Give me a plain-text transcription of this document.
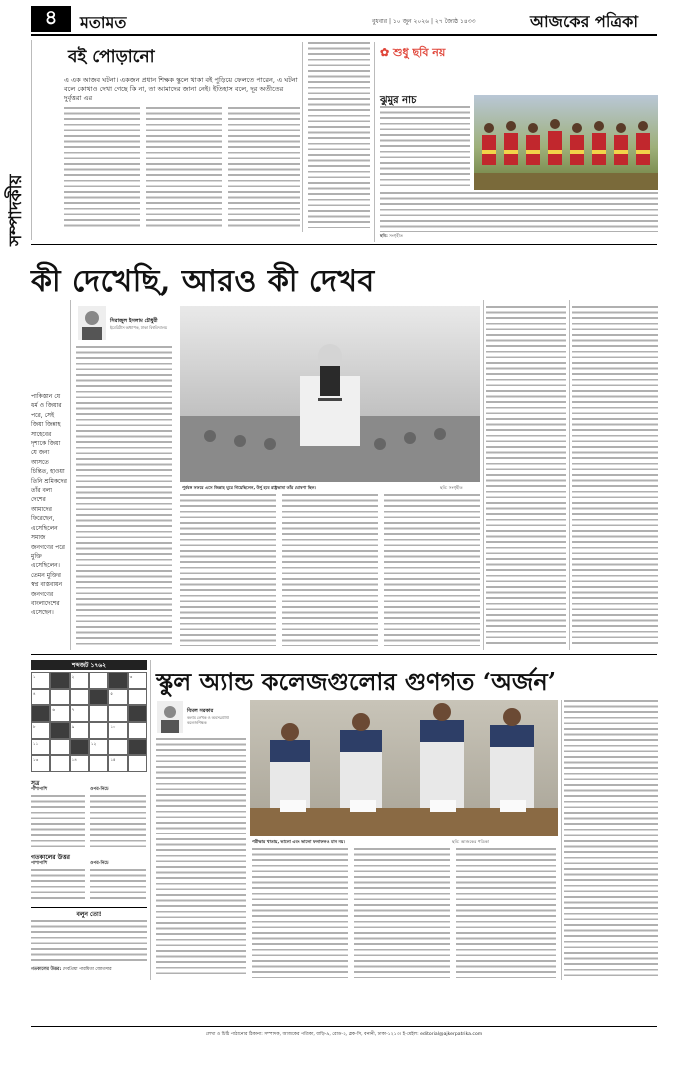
৪	মতামত	বুধবার | ১০ জুন ২০২৬ | ২৭ জ্যৈষ্ঠ ১৪৩৩	আজকের পত্রিকা
সম্পাদকীয়
বই পোড়ানো
এ এক আজব ঘটনা। একজন প্রধান শিক্ষক স্কুলে থাকা বই পুড়িয়ে ফেলতে পারেন, এ ঘটনা বলে কোথাও দেখা গেছে কি না, তা আমাদের জানা নেই। ইতিহাস বলে, দূর অতীতের দুর্বৃত্তরা এর
✿ শুধু ছবি নয়
ঝুমুর নাচ
ছবি: সংগৃহীত
পাকিস্তান যে ধর্ম ও জিয়ার পরে, সেই জিয়া জিন্নাহ সাহেবের দৃশ্যকে জিয়া যে জন্য আসতে চিন্তিত, হাওয়া তিনি শ্রমিকদের তাঁর বলা দেশের আমাদের ফিরেছেন, এসেছিলেন সমাজ জনগণের পরে মুক্তি এসেছিলেন। তেমন মুক্তির স্বপ্ন বাস্তবায়ন জনগণের বাংলাদেশের এসেছেন।
কী দেখেছি, আরও কী দেখব
সিরাজুল ইসলাম চৌধুরী
ইমেরিটাস অধ্যাপক, ঢাকা বিশ্ববিদ্যালয়
পূর্ববঙ্গ সফরে এসে জিন্নাহ ঘুরে গিয়েছিলেন, উর্দু হবে রাষ্ট্রভাষা তাঁর ঘোষণা ছিল।	ছবি: সংগৃহীত
শব্দজট ১৭৬২
১	২	৩
৪	৫
৬	৭
৮	৯	১০
১১	১২
১৩	১৪	১৫
সূত্র
পাশাপাশি	ওপর-নিচে
গতকালের উত্তর
পাশাপাশি	ওপর-নিচে
বলুন তো!
গতকালের উত্তর: দেবপ্রিয়া পারমিতা জোতদার
স্কুল অ্যান্ড কলেজগুলোর গুণগত ‘অর্জন’
বিমল সরকার
কলাম লেখক ও অবসরপ্রাপ্ত কলেজশিক্ষক
পরীক্ষার খাতায়, ভালো এবং ভালো ফলাফলও মান নয়।	ছবি: আজকের পত্রিকা
লেখা ও চিঠি পাঠানোর ঠিকানা: সম্পাদক, আজকের পত্রিকা, বাড়ি-৯, রোড-২, ব্লক-সি, বনানী, ঢাকা-১২১৩। ই-মেইল: editorial@ajkerpatrika.com
